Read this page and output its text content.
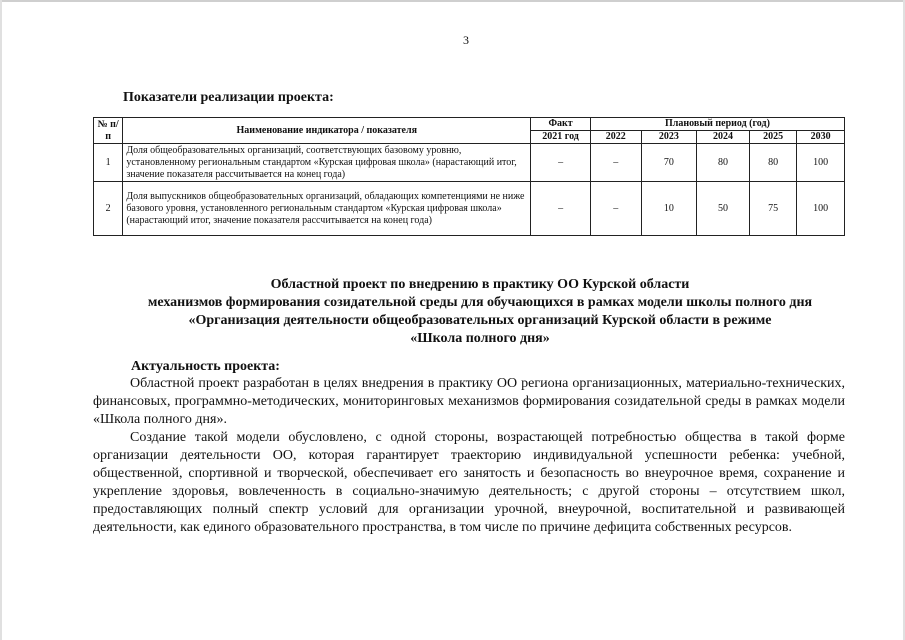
3
Показатели реализации проекта:
№ п/п	Наименование индикатора / показателя	Факт	Плановый период (год)				
		2021 год	2022	2023	2024	2025	2030
1	Доля общеобразовательных организаций, соответствующих базовому уровню, установленному региональным стандартом «Курская цифровая школа» (нарастающий итог, значение показателя рассчитывается на конец года)	–	–	70	80	80	100
2	Доля выпускников общеобразовательных организаций, обладающих компетенциями не ниже базового уровня, установленного региональным стандартом «Курская цифровая школа» (нарастающий итог, значение показателя рассчитывается на конец года)	–	–	10	50	75	100
Областной проект по внедрению в практику ОО Курской области
механизмов формирования созидательной среды для обучающихся в рамках модели школы полного дня
«Организация деятельности общеобразовательных организаций Курской области в режиме
«Школа полного дня»
Актуальность проекта:

Областной проект разработан в целях внедрения в практику ОО региона организационных, материально-технических, финансовых, программно-методических, мониторинговых механизмов формирования созидательной среды в рамках модели «Школа полного дня».

Создание такой модели обусловлено, с одной стороны, возрастающей потребностью общества в такой форме организации деятельности ОО, которая гарантирует траекторию индивидуальной успешности ребенка: учебной, общественной, спортивной и творческой, обеспечивает его занятость и безопасность во внеурочное время, сохранение и укрепление здоровья, вовлеченность в социально-значимую деятельность; с другой стороны – отсутствием школ, предоставляющих полный спектр условий для организации урочной, внеурочной, воспитательной и развивающей деятельности, как единого образовательного пространства, в том числе по причине дефицита собственных ресурсов.
